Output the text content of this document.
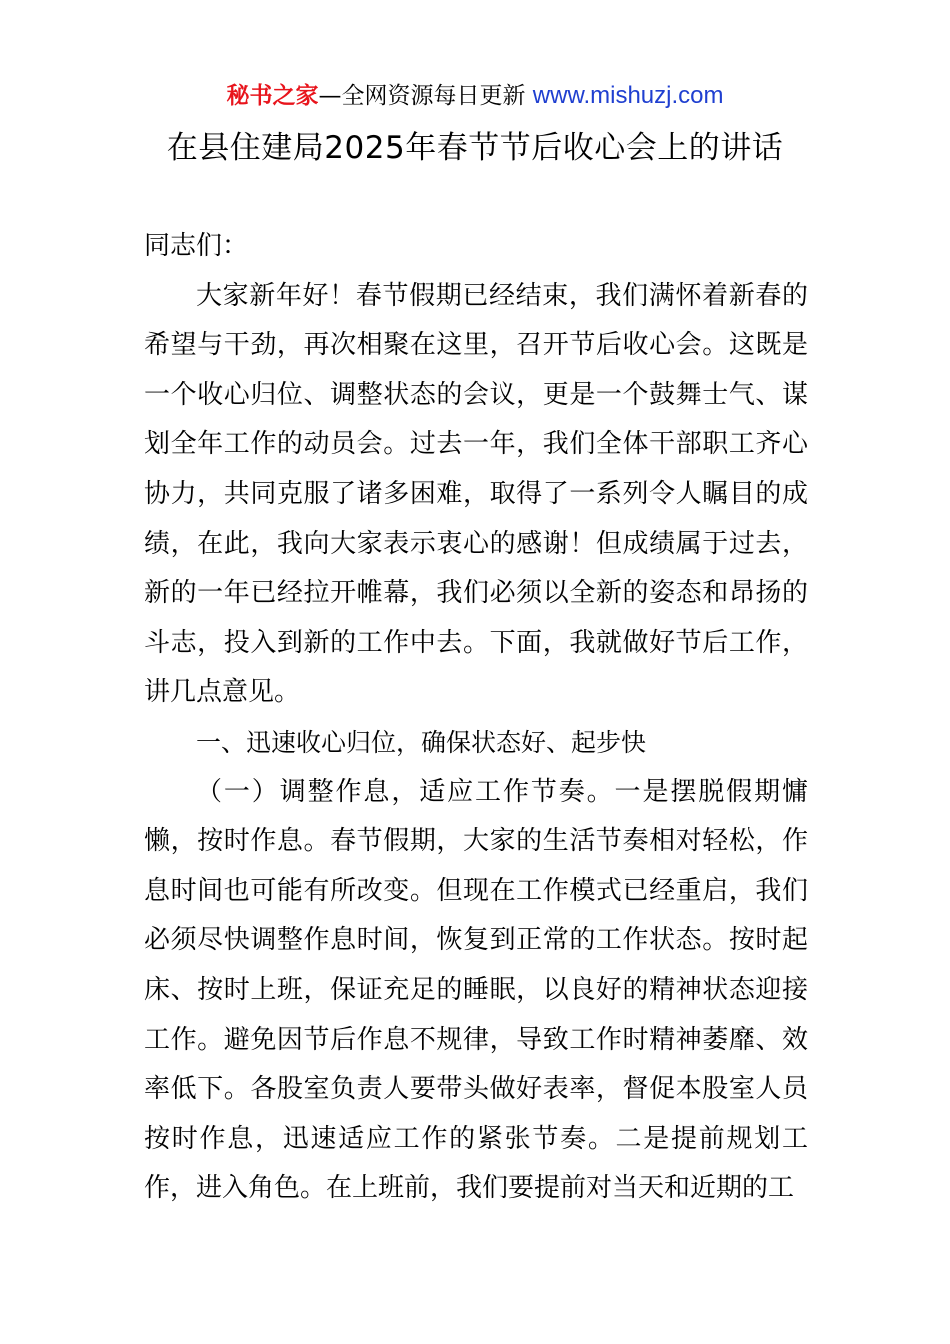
秘书之家—全网资源每日更新 www.mishuzj.com
在县住建局2025年春节节后收心会上的讲话

同志们：

大家新年好！春节假期已经结束，我们满怀着新春的希望与干劲，再次相聚在这里，召开节后收心会。这既是一个收心归位、调整状态的会议，更是一个鼓舞士气、谋划全年工作的动员会。过去一年，我们全体干部职工齐心协力，共同克服了诸多困难，取得了一系列令人瞩目的成绩，在此，我向大家表示衷心的感谢！但成绩属于过去，新的一年已经拉开帷幕，我们必须以全新的姿态和昂扬的斗志，投入到新的工作中去。下面，我就做好节后工作，讲几点意见。

一、迅速收心归位，确保状态好、起步快

（一）调整作息，适应工作节奏。一是摆脱假期慵懒，按时作息。春节假期，大家的生活节奏相对轻松，作息时间也可能有所改变。但现在工作模式已经重启，我们必须尽快调整作息时间，恢复到正常的工作状态。按时起床、按时上班，保证充足的睡眠，以良好的精神状态迎接工作。避免因节后作息不规律，导致工作时精神萎靡、效率低下。各股室负责人要带头做好表率，督促本股室人员按时作息，迅速适应工作的紧张节奏。二是提前规划工作，进入角色。在上班前，我们要提前对当天和近期的工
